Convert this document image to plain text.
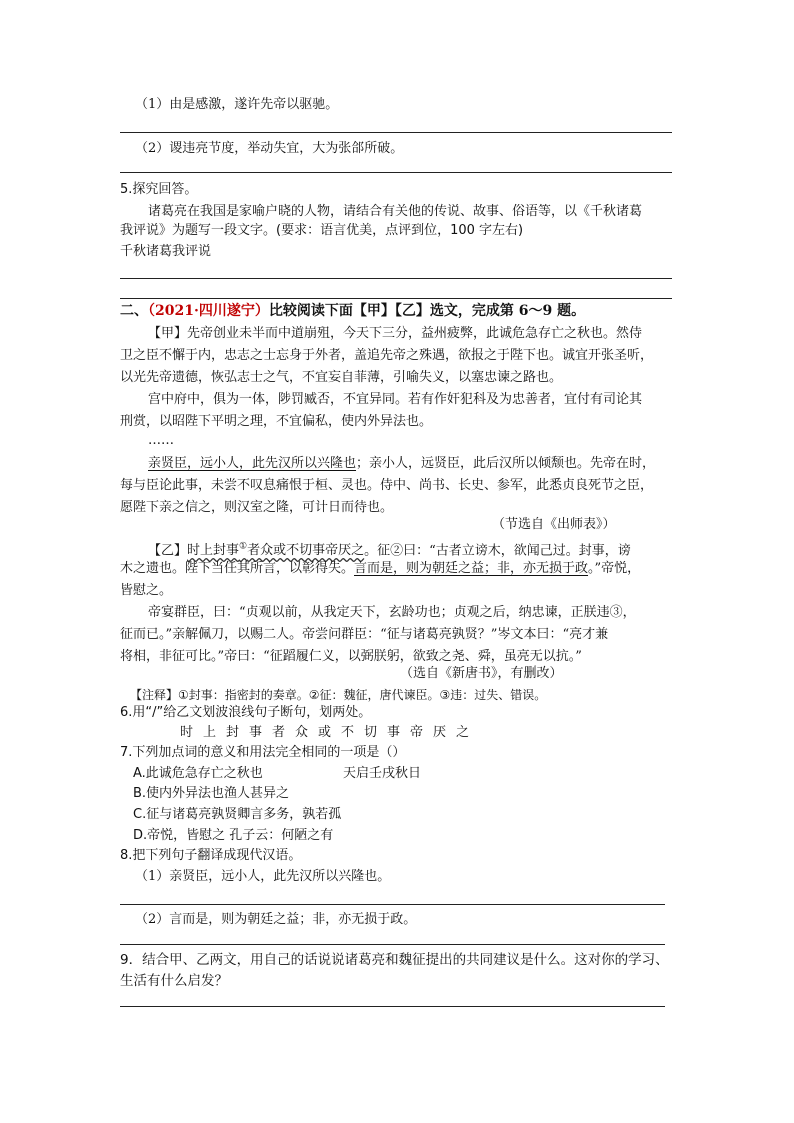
（1）由是感激，遂许先帝以驱驰。
（2）谡违亮节度，举动失宜，大为张郃所破。
5.探究回答。
诸葛亮在我国是家喻户晓的人物，请结合有关他的传说、故事、俗语等，以《千秋诸葛
我评说》为题写一段文字。(要求：语言优美，点评到位，100 字左右)
千秋诸葛我评说
二、（2021·四川遂宁）比较阅读下面【甲】【乙】选文，完成第 6～9 题。
【甲】先帝创业未半而中道崩殂，今天下三分，益州疲弊，此诚危急存亡之秋也。然侍
卫之臣不懈于内，忠志之士忘身于外者，盖追先帝之殊遇，欲报之于陛下也。诚宜开张圣听，
以光先帝遗德，恢弘志士之气，不宜妄自菲薄，引喻失义，以塞忠谏之路也。
宫中府中，俱为一体，陟罚臧否，不宜异同。若有作奸犯科及为忠善者，宜付有司论其
刑赏，以昭陛下平明之理，不宜偏私，使内外异法也。
……
亲贤臣，远小人，此先汉所以兴隆也；亲小人，远贤臣，此后汉所以倾颓也。先帝在时，
每与臣论此事，未尝不叹息痛恨于桓、灵也。侍中、尚书、长史、参军，此悉贞良死节之臣，
愿陛下亲之信之，则汉室之隆，可计日而待也。
（节选自《出师表》）
【乙】时上封事①者众或不切事帝厌之。征②曰：“古者立谤木，欲闻己过。封事，谤
木之遗也。陛下当任其所言，以彰得失。言而是，则为朝廷之益；非，亦无损于政。”帝悦，
皆慰之。
帝宴群臣，曰：“贞观以前，从我定天下，玄龄功也；贞观之后，纳忠谏，正朕违③，
征而已。”亲解佩刀，以赐二人。帝尝问群臣：“征与诸葛亮孰贤？”岑文本曰：“亮才兼
将相，非征可比。”帝曰：“征蹈履仁义，以弼朕躬，欲致之尧、舜，虽亮无以抗。”
（选自《新唐书》，有删改）
【注释】①封事：指密封的奏章。②征：魏征，唐代谏臣。③违：过失、错误。
6.用“/”给乙文划波浪线句子断句，划两处。
时上封事者众或不切事帝厌之
7.下列加点词的意义和用法完全相同的一项是（）
A.此诚危急存亡之秋也	天启壬戌秋日
B.使内外异法也渔人甚异之
C.征与诸葛亮孰贤卿言多务，孰若孤
D.帝悦，皆慰之 孔子云：何陋之有
8.把下列句子翻译成现代汉语。
（1）亲贤臣，远小人，此先汉所以兴隆也。
（2）言而是，则为朝廷之益；非，亦无损于政。
9．结合甲、乙两文，用自己的话说说诸葛亮和魏征提出的共同建议是什么。这对你的学习、
生活有什么启发？
